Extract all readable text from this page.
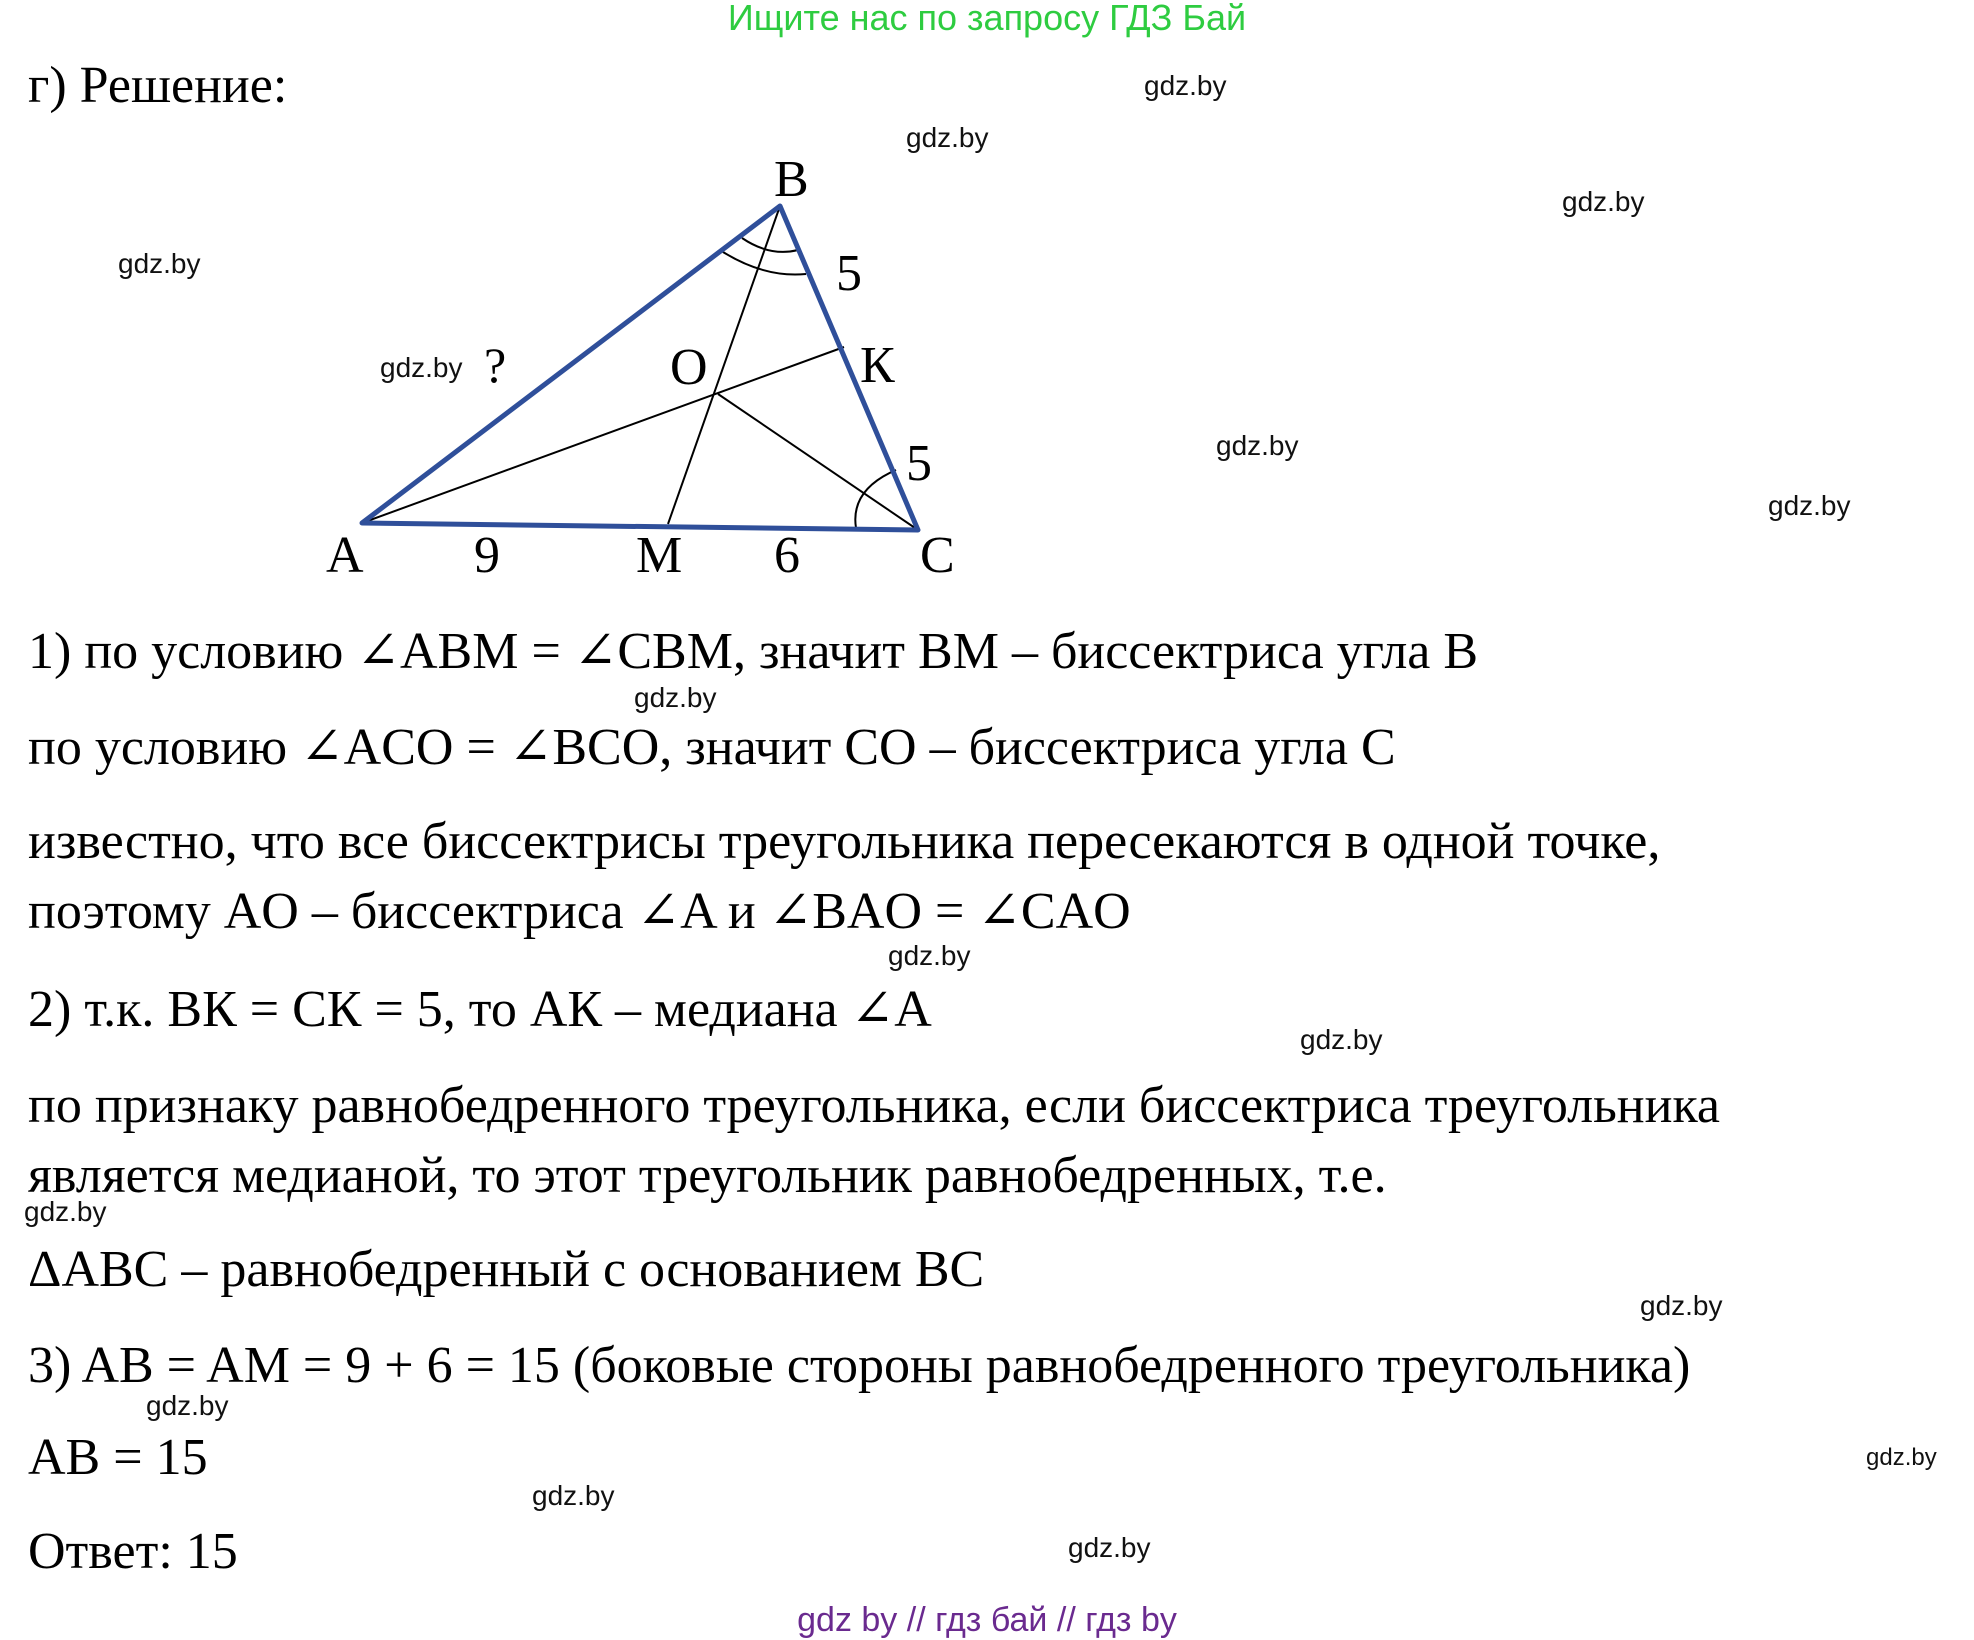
Ищите нас по запросу ГДЗ Бай
г) Решение:
B
A	C
M
К
O
9	6
5
5
?
1) по условию ∠ABM = ∠CBM, значит BM – биссектриса угла B
по условию ∠ACO = ∠BCO, значит CO – биссектриса угла C
известно, что все биссектрисы треугольника пересекаются в одной точке,
поэтому AO – биссектриса ∠A и ∠BAO = ∠CAO
2) т.к. BК = CК = 5, то AК – медиана ∠A
по признаку равнобедренного треугольника, если биссектриса треугольника
является медианой, то этот треугольник равнобедренных, т.е.
ΔABC – равнобедренный с основанием BC
3) AB = AM = 9 + 6 = 15 (боковые стороны равнобедренного треугольника)
AB = 15
Ответ: 15
gdz.by
gdz.by
gdz.by
gdz.by
gdz.by
gdz.by
gdz.by
gdz.by
gdz.by
gdz.by
gdz.by
gdz.by
gdz.by
gdz.by
gdz.by
gdz.by
gdz by // гдз бай // гдз by
